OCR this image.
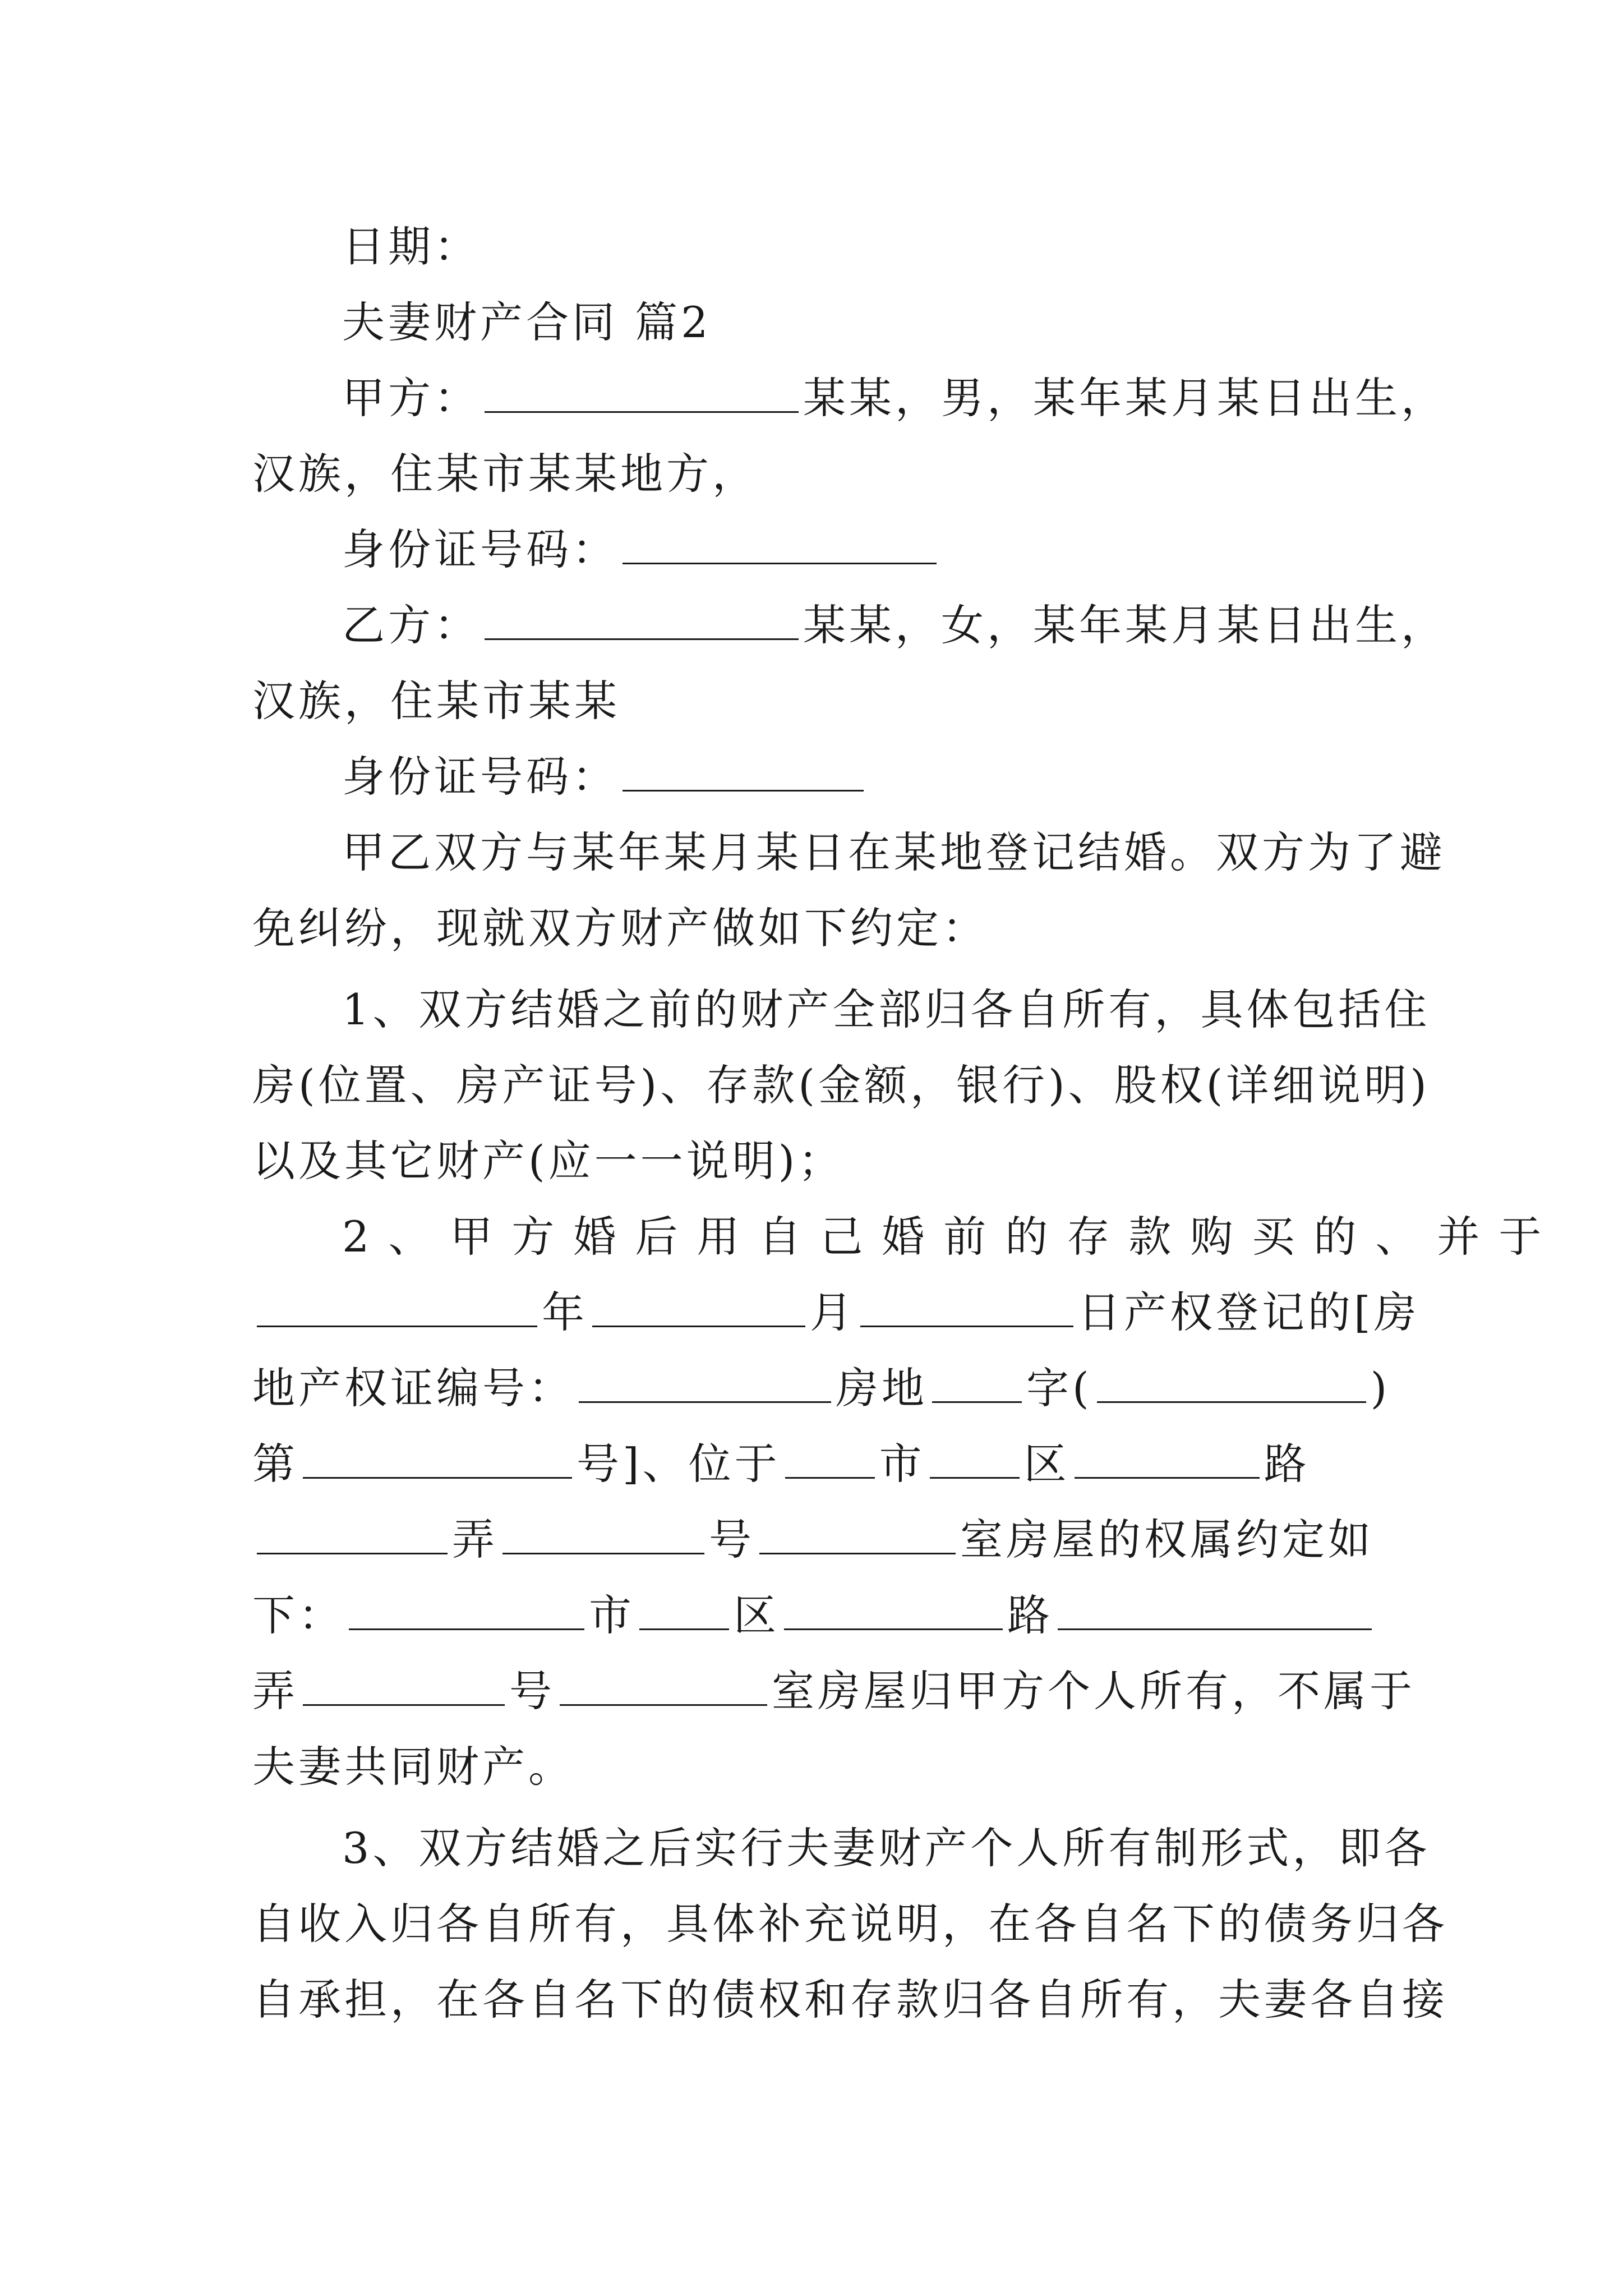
日期：
夫妻财产合同 篇2
甲方：	某某，男，某年某月某日出生，
汉族，住某市某某地方，
身份证号码：
乙方：	某某，女，某年某月某日出生，
汉族，住某市某某
身份证号码：
甲乙双方与某年某月某日在某地登记结婚。双方为了避
免纠纷，现就双方财产做如下约定：
1、双方结婚之前的财产全部归各自所有，具体包括住
房(位置、房产证号)、存款(金额，银行)、股权(详细说明)
以及其它财产(应一一说明)；
2、甲方婚后用自己婚前的存款购买的、并于
年	月	日产权登记的[房
地产权证编号：	房地 字(	)
第	号]、位于 市 区	路
弄	号	室房屋的权属约定如
下：	市 区	路
弄	号	室房屋归甲方个人所有，不属于
夫妻共同财产。
3、双方结婚之后实行夫妻财产个人所有制形式，即各
自收入归各自所有，具体补充说明，在各自名下的债务归各
自承担，在各自名下的债权和存款归各自所有，夫妻各自接
